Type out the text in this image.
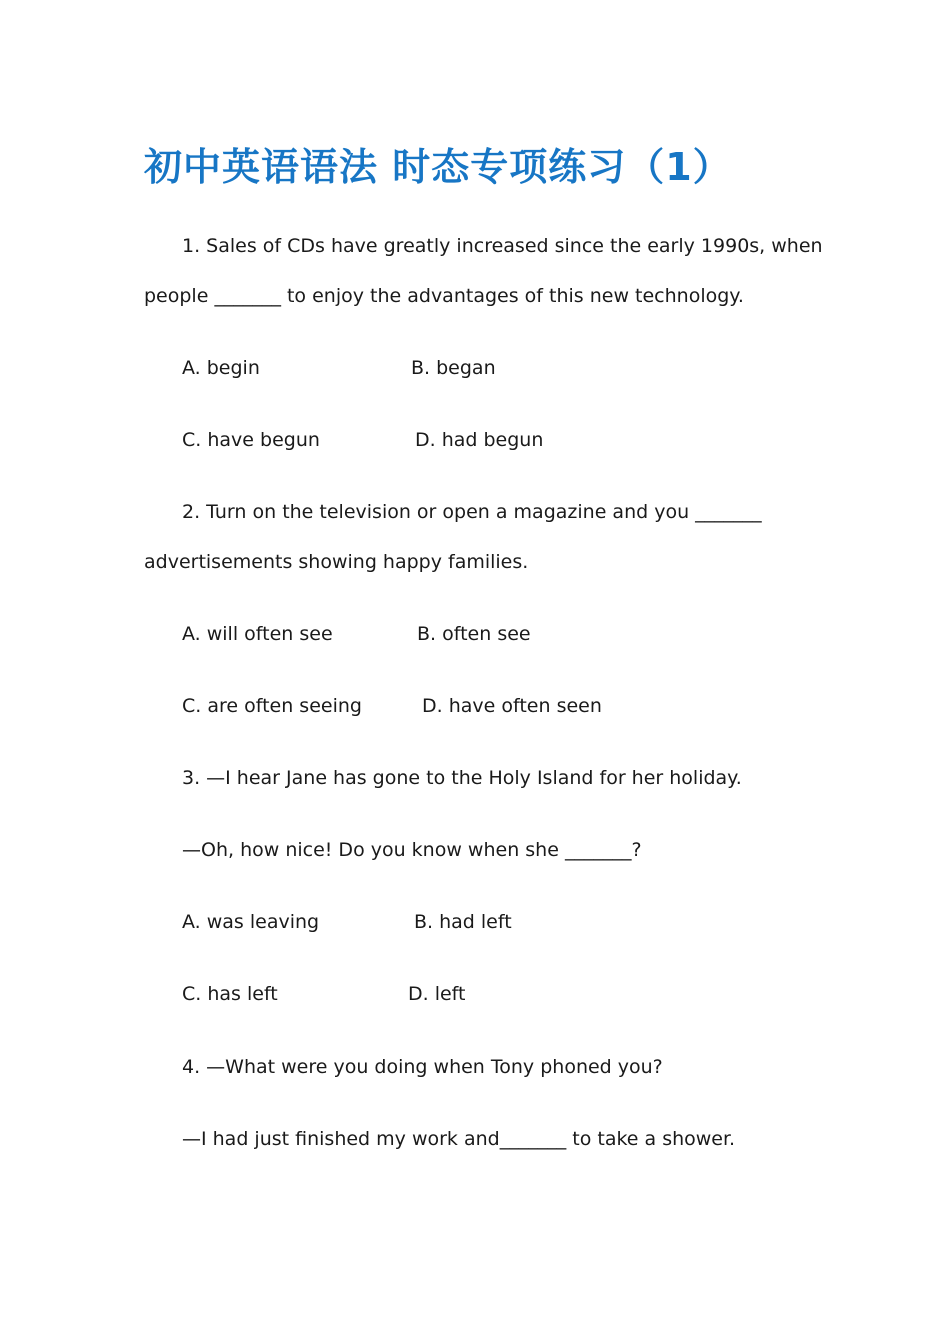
初中英语语法 时态专项练习（1）
1. Sales of CDs have greatly increased since the early 1990s, when
people _______ to enjoy the advantages of this new technology.
A. begin	B. began
C. have begun	D. had begun
2. Turn on the television or open a magazine and you _______
advertisements showing happy families.
A. will often see	B. often see
C. are often seeing	D. have often seen
3. —I hear Jane has gone to the Holy Island for her holiday.
—Oh, how nice! Do you know when she _______?
A. was leaving	B. had left
C. has left	D. left
4. —What were you doing when Tony phoned you?
—I had just finished my work and_______ to take a shower.
